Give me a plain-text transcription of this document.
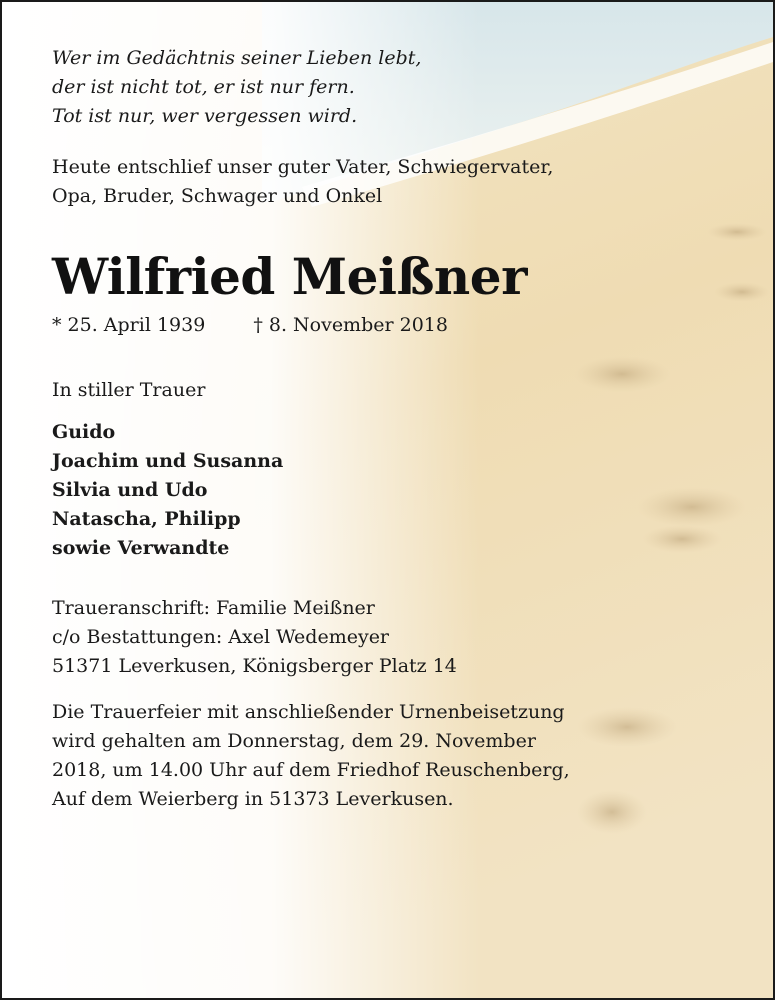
Wer im Gedächtnis seiner Lieben lebt,
der ist nicht tot, er ist nur fern.
Tot ist nur, wer vergessen wird.
Heute entschlief unser guter Vater, Schwiegervater,
Opa, Bruder, Schwager und Onkel
Wilfried Meißner
* 25. April 1939	† 8. November 2018
In stiller Trauer
Guido
Joachim und Susanna
Silvia und Udo
Natascha, Philipp
sowie Verwandte
Traueranschrift: Familie Meißner
c/o Bestattungen: Axel Wedemeyer
51371 Leverkusen, Königsberger Platz 14
Die Trauerfeier mit anschließender Urnenbeisetzung
wird gehalten am Donnerstag, dem 29. November
2018, um 14.00 Uhr auf dem Friedhof Reuschenberg,
Auf dem Weierberg in 51373 Leverkusen.
